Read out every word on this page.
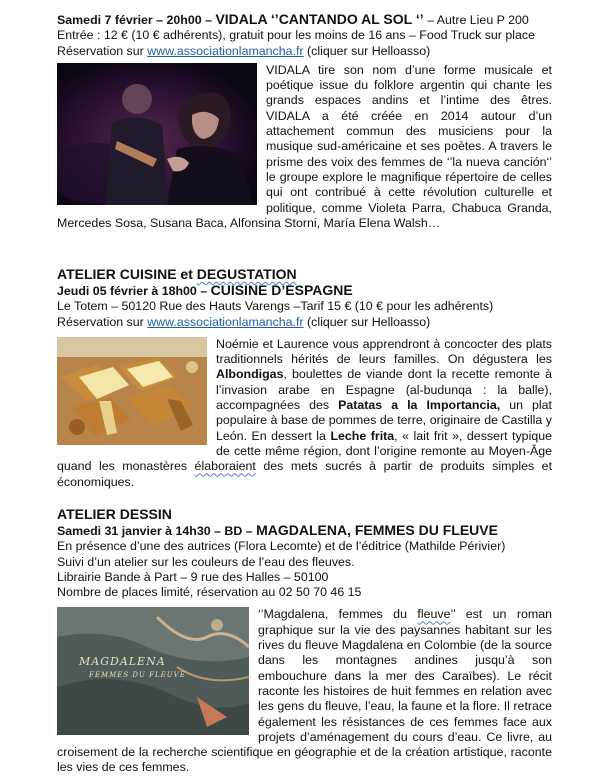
Samedi 7 février – 20h00 – VIDALA ‘’CANTANDO AL SOL ‘’ – Autre Lieu P 200
Entrée : 12 € (10 € adhérents), gratuit pour les moins de 16 ans – Food Truck sur place
Réservation sur www.associationlamancha.fr (cliquer sur Helloasso)
VIDALA tire son nom d’une forme musicale et poétique issue du folklore argentin qui chante les grands espaces andins et l’intime des êtres. VIDALA a été créée en 2014 autour d’un attachement commun des musiciens pour la musique sud-américaine et ses poètes. A travers le prisme des voix des femmes de ‘’la nueva canción‘’ le groupe explore le magnifique répertoire de celles qui ont contribué à cette révolution culturelle et politique, comme Violeta Parra, Chabuca Granda, Mercedes Sosa, Susana Baca, Alfonsina Storni, María Elena Walsh…
ATELIER CUISINE et DEGUSTATION
Jeudi 05 février à 18h00 – CUISINE D’ESPAGNE
Le Totem – 50120 Rue des Hauts Varengs –Tarif 15 € (10 € pour les adhérents)
Réservation sur www.associationlamancha.fr (cliquer sur Helloasso)
Noémie et Laurence vous apprendront à concocter des plats traditionnels hérités de leurs familles. On dégustera les Albondigas, boulettes de viande dont la recette remonte à l’invasion arabe en Espagne (al-budunqa : la balle), accompagnées des Patatas a la Importancia, un plat populaire à base de pommes de terre, originaire de Castilla y León. En dessert la Leche frita, « lait frit », dessert typique de cette même région, dont l’origine remonte au Moyen-Âge quand les monastères élaboraient des mets sucrés à partir de produits simples et économiques.
ATELIER DESSIN
Samedi 31 janvier à 14h30 – BD – MAGDALENA, FEMMES DU FLEUVE
En présence d’une des autrices (Flora Lecomte) et de l’éditrice (Mathilde Périvier)
Suivi d’un atelier sur les couleurs de l’eau des fleuves.
Librairie Bande à Part – 9 rue des Halles – 50100
Nombre de places limité, réservation au 02 50 70 46 15
MAGDALENA
FEMMES DU FLEUVE
‘’Magdalena, femmes du fleuve’’ est un roman graphique sur la vie des paysannes habitant sur les rives du fleuve Magdalena en Colombie (de la source dans les montagnes andines jusqu’à son embouchure dans la mer des Caraïbes). Le récit raconte les histoires de huit femmes en relation avec les gens du fleuve, l’eau, la faune et la flore. Il retrace également les résistances de ces femmes face aux projets d’aménagement du cours d’eau. Ce livre, au croisement de la recherche scientifique en géographie et de la création artistique, raconte les vies de ces femmes.
